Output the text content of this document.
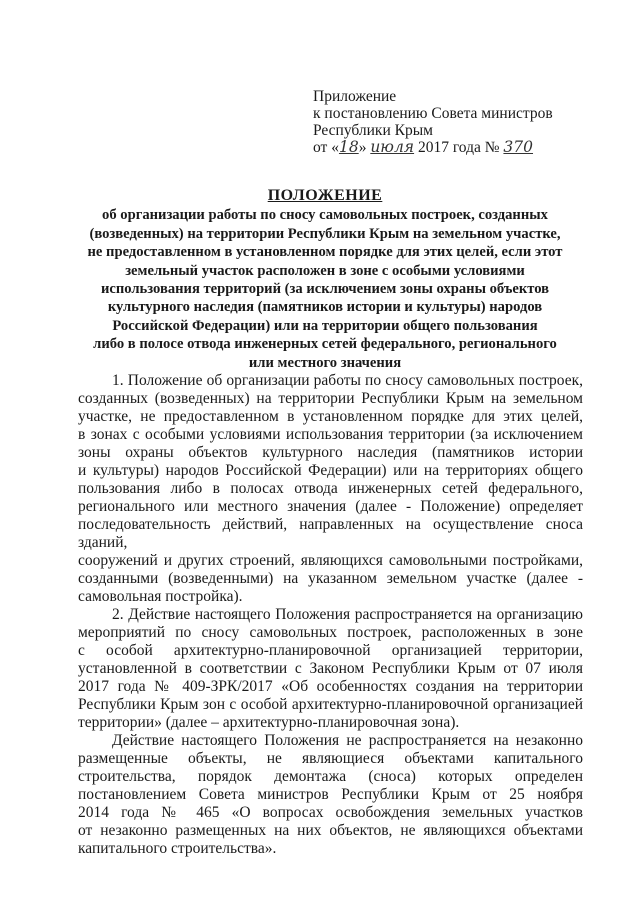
Приложение
к постановлению Совета министров
Республики Крым
от «18» июля 2017 года № 370
ПОЛОЖЕНИЕ
об организации работы по сносу самовольных построек, созданных
(возведенных) на территории Республики Крым на земельном участке,
не предоставленном в установленном порядке для этих целей, если этот
земельный участок расположен в зоне с особыми условиями
использования территорий (за исключением зоны охраны объектов
культурного наследия (памятников истории и культуры) народов
Российской Федерации) или на территории общего пользования
либо в полосе отвода инженерных сетей федерального, регионального
или местного значения
1. Положение об организации работы по сносу самовольных построек,
созданных (возведенных) на территории Республики Крым на земельном
участке, не предоставленном в установленном порядке для этих целей,
в зонах с особыми условиями использования территории (за исключением
зоны охраны объектов культурного наследия (памятников истории
и культуры) народов Российской Федерации) или на территориях общего
пользования либо в полосах отвода инженерных сетей федерального,
регионального или местного значения (далее - Положение) определяет
последовательность действий, направленных на осуществление сноса зданий,
сооружений и других строений, являющихся самовольными постройками,
созданными (возведенными) на указанном земельном участке (далее -
самовольная постройка).
2. Действие настоящего Положения распространяется на организацию
мероприятий по сносу самовольных построек, расположенных в зоне
с особой архитектурно-планировочной организацией территории,
установленной в соответствии с Законом Республики Крым от 07 июля
2017 года № 409-ЗРК/2017 «Об особенностях создания на территории
Республики Крым зон с особой архитектурно-планировочной организацией
территории» (далее – архитектурно-планировочная зона).
Действие настоящего Положения не распространяется на незаконно
размещенные объекты, не являющиеся объектами капитального
строительства, порядок демонтажа (сноса) которых определен
постановлением Совета министров Республики Крым от 25 ноября
2014 года № 465 «О вопросах освобождения земельных участков
от незаконно размещенных на них объектов, не являющихся объектами
капитального строительства».
